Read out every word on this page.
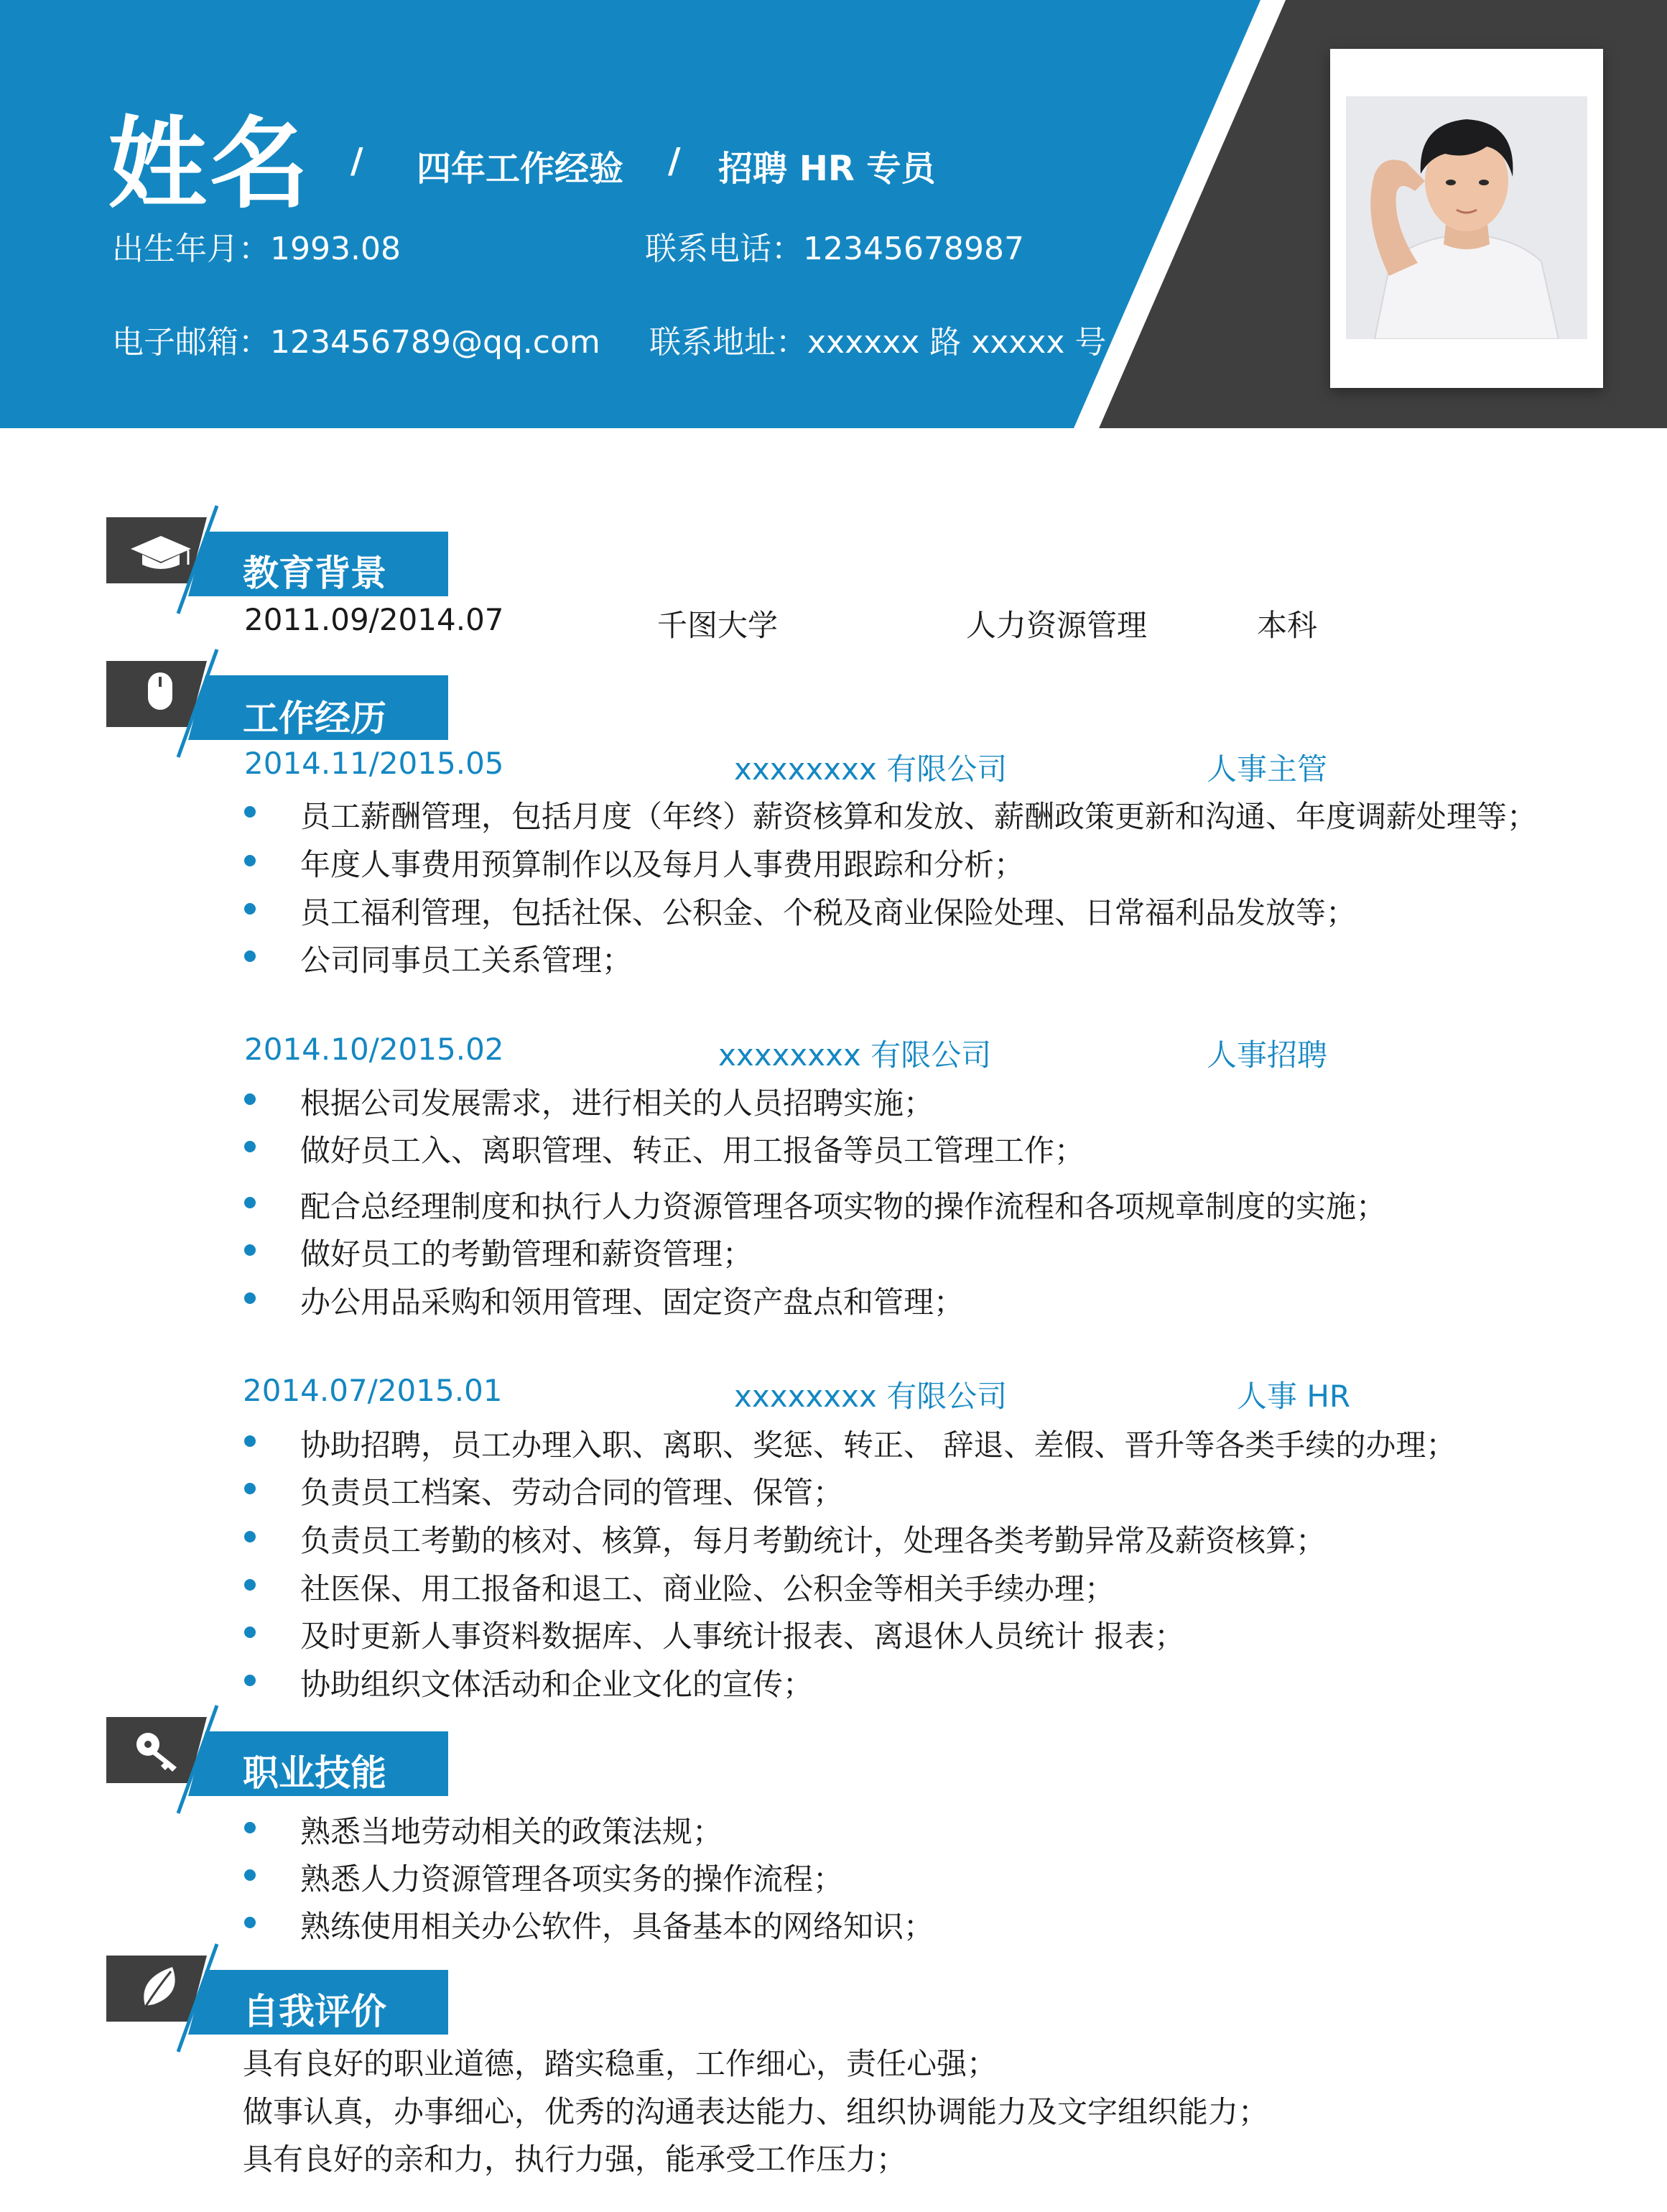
姓名 / 四年工作经验 / 招聘 HR 专员
出生年月：1993.08	联系电话：12345678987
电子邮箱：123456789@qq.com 联系地址：xxxxxx 路 xxxxx 号
教育背景
2011.09/2014.07	千图大学	人力资源管理	本科
工作经历
2014.11/2015.05	xxxxxxxx 有限公司	人事主管
员工薪酬管理，包括月度（年终）薪资核算和发放、薪酬政策更新和沟通、年度调薪处理等；
年度人事费用预算制作以及每月人事费用跟踪和分析；
员工福利管理，包括社保、公积金、个税及商业保险处理、日常福利品发放等；
公司同事员工关系管理；
2014.10/2015.02	xxxxxxxx 有限公司	人事招聘
根据公司发展需求，进行相关的人员招聘实施；
做好员工入、离职管理、转正、用工报备等员工管理工作；
配合总经理制度和执行人力资源管理各项实物的操作流程和各项规章制度的实施；
做好员工的考勤管理和薪资管理；
办公用品采购和领用管理、固定资产盘点和管理；
2014.07/2015.01	xxxxxxxx 有限公司	人事 HR
协助招聘，员工办理入职、离职、奖惩、转正、 辞退、差假、晋升等各类手续的办理；
负责员工档案、劳动合同的管理、保管；
负责员工考勤的核对、核算，每月考勤统计，处理各类考勤异常及薪资核算；
社医保、用工报备和退工、商业险、公积金等相关手续办理；
及时更新人事资料数据库、人事统计报表、离退休人员统计 报表；
协助组织文体活动和企业文化的宣传；
职业技能
熟悉当地劳动相关的政策法规；
熟悉人力资源管理各项实务的操作流程；
熟练使用相关办公软件，具备基本的网络知识；
自我评价
具有良好的职业道德，踏实稳重，工作细心，责任心强；
做事认真，办事细心，优秀的沟通表达能力、组织协调能力及文字组织能力；
具有良好的亲和力，执行力强，能承受工作压力；
